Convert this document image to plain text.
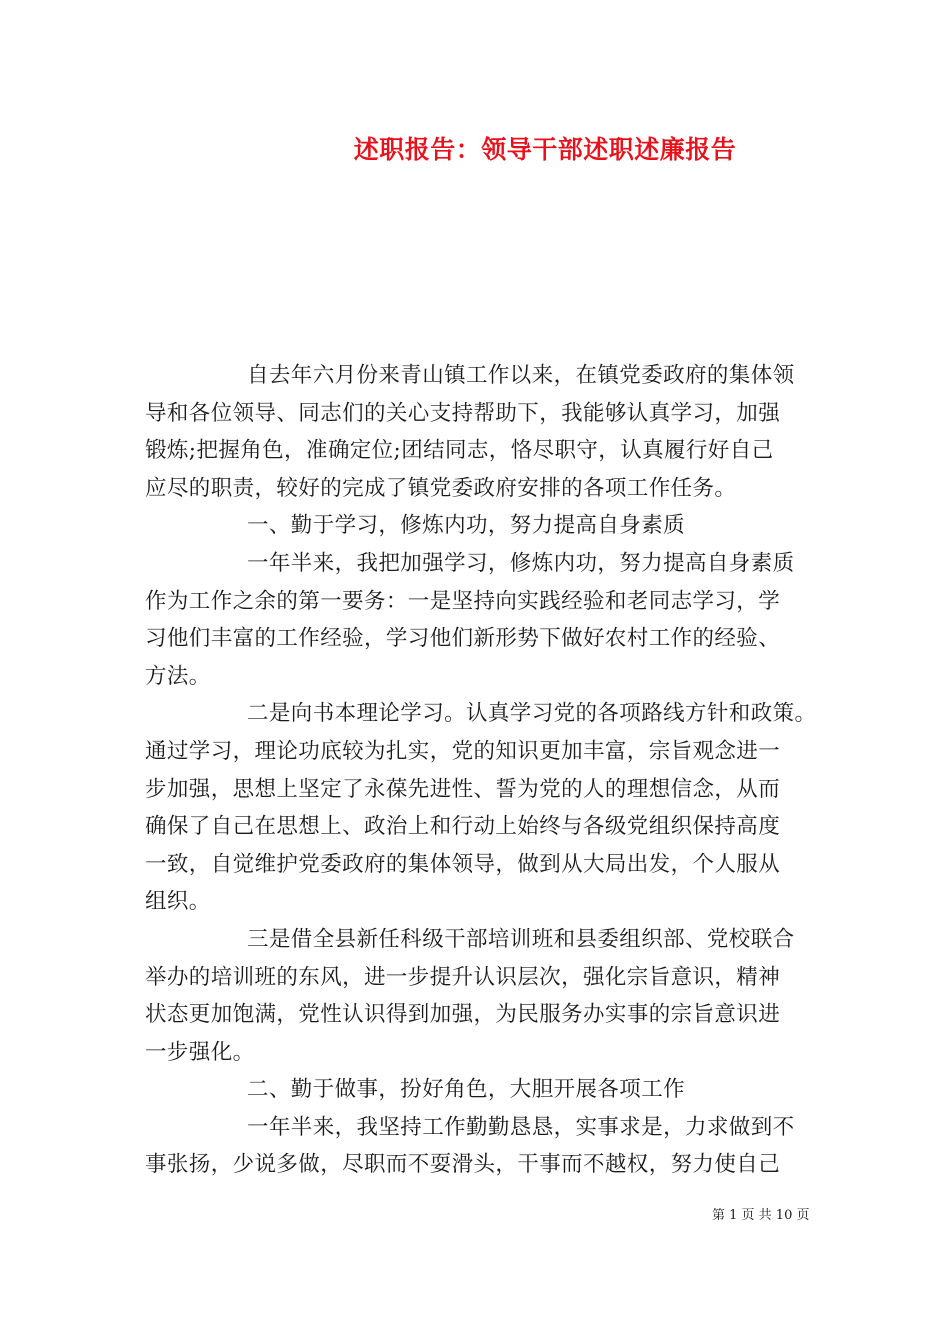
述职报告：领导干部述职述廉报告
自去年六月份来青山镇工作以来，在镇党委政府的集体领
导和各位领导、同志们的关心支持帮助下，我能够认真学习，加强
锻炼;把握角色，准确定位;团结同志，恪尽职守，认真履行好自己
应尽的职责，较好的完成了镇党委政府安排的各项工作任务。
一、勤于学习，修炼内功，努力提高自身素质
一年半来，我把加强学习，修炼内功，努力提高自身素质
作为工作之余的第一要务：一是坚持向实践经验和老同志学习，学
习他们丰富的工作经验，学习他们新形势下做好农村工作的经验、
方法。
二是向书本理论学习。认真学习党的各项路线方针和政策。
通过学习，理论功底较为扎实，党的知识更加丰富，宗旨观念进一
步加强，思想上坚定了永葆先进性、誓为党的人的理想信念，从而
确保了自己在思想上、政治上和行动上始终与各级党组织保持高度
一致，自觉维护党委政府的集体领导，做到从大局出发，个人服从
组织。
三是借全县新任科级干部培训班和县委组织部、党校联合
举办的培训班的东风，进一步提升认识层次，强化宗旨意识，精神
状态更加饱满，党性认识得到加强，为民服务办实事的宗旨意识进
一步强化。
二、勤于做事，扮好角色，大胆开展各项工作
一年半来，我坚持工作勤勤恳恳，实事求是，力求做到不
事张扬，少说多做，尽职而不耍滑头，干事而不越权，努力使自己
第 1 页 共 10 页
